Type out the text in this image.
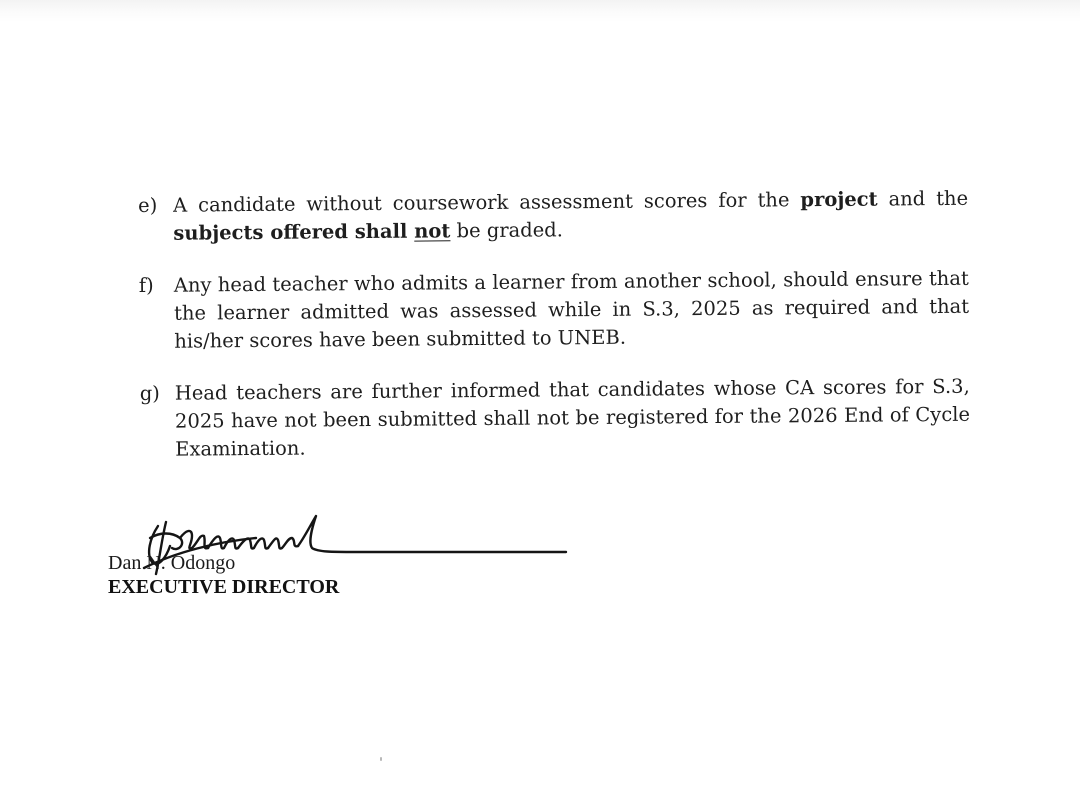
e) A candidate without coursework assessment scores for the project and the subjects offered shall not be graded.
f) Any head teacher who admits a learner from another school, should ensure that the learner admitted was assessed while in S.3, 2025 as required and that his/her scores have been submitted to UNEB.
g) Head teachers are further informed that candidates whose CA scores for S.3, 2025 have not been submitted shall not be registered for the 2026 End of Cycle Examination.
Dan N. Odongo
EXECUTIVE DIRECTOR
